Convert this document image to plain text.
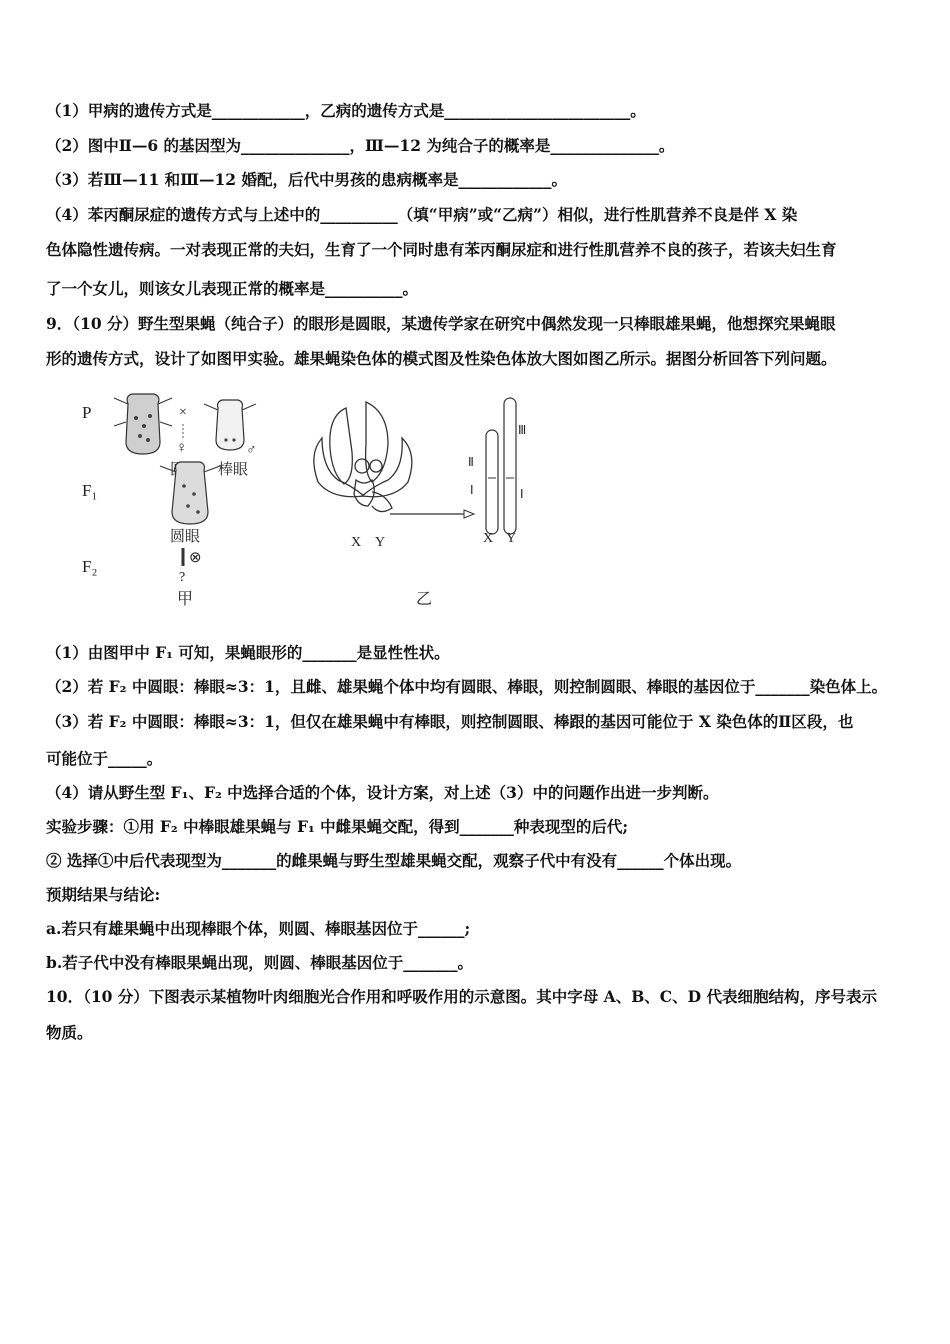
（1）甲病的遗传方式是____________，乙病的遗传方式是________________________。
（2）图中Ⅱ—6 的基因型为______________，Ⅲ—12 为纯合子的概率是______________。
（3）若Ⅲ—11 和Ⅲ—12 婚配，后代中男孩的患病概率是____________。
（4）苯丙酮尿症的遗传方式与上述中的__________（填“甲病”或“乙病”）相似，进行性肌营养不良是伴 X 染
色体隐性遗传病。一对表现正常的夫妇，生育了一个同时患有苯丙酮尿症和进行性肌营养不良的孩子，若该夫妇生育
了一个女儿，则该女儿表现正常的概率是__________。
9．（10 分）野生型果蝇（纯合子）的眼形是圆眼，某遗传学家在研究中偶然发现一只棒眼雄果蝇，他想探究果蝇眼
形的遗传方式，设计了如图甲实验。雄果蝇染色体的模式图及性染色体放大图如图乙所示。据图分析回答下列问题。
P
F₁
F₂
×
♀	♂
棒眼
圆眼
⊗
?
甲
X Y
Ⅱ
Ⅰ
Ⅲ
Ⅰ
X Y
乙
（1）由图甲中 F₁ 可知，果蝇眼形的_______是显性性状。
（2）若 F₂ 中圆眼：棒眼≈3：1，且雌、雄果蝇个体中均有圆眼、棒眼，则控制圆眼、棒眼的基因位于_______染色体上。
（3）若 F₂ 中圆眼：棒眼≈3：1，但仅在雄果蝇中有棒眼，则控制圆眼、棒跟的基因可能位于 X 染色体的Ⅱ区段，也
可能位于_____。
（4）请从野生型 F₁、F₂ 中选择合适的个体，设计方案，对上述（3）中的问题作出进一步判断。
实验步骤：①用 F₂ 中棒眼雄果蝇与 F₁ 中雌果蝇交配，得到_______种表现型的后代;
② 选择①中后代表现型为_______的雌果蝇与野生型雄果蝇交配，观察子代中有没有______个体出现。
预期结果与结论:
a.若只有雄果蝇中出现棒眼个体，则圆、棒眼基因位于______;
b.若子代中没有棒眼果蝇出现，则圆、棒眼基因位于_______。
10．（10 分）下图表示某植物叶肉细胞光合作用和呼吸作用的示意图。其中字母 A、B、C、D 代表细胞结构，序号表示
物质。
